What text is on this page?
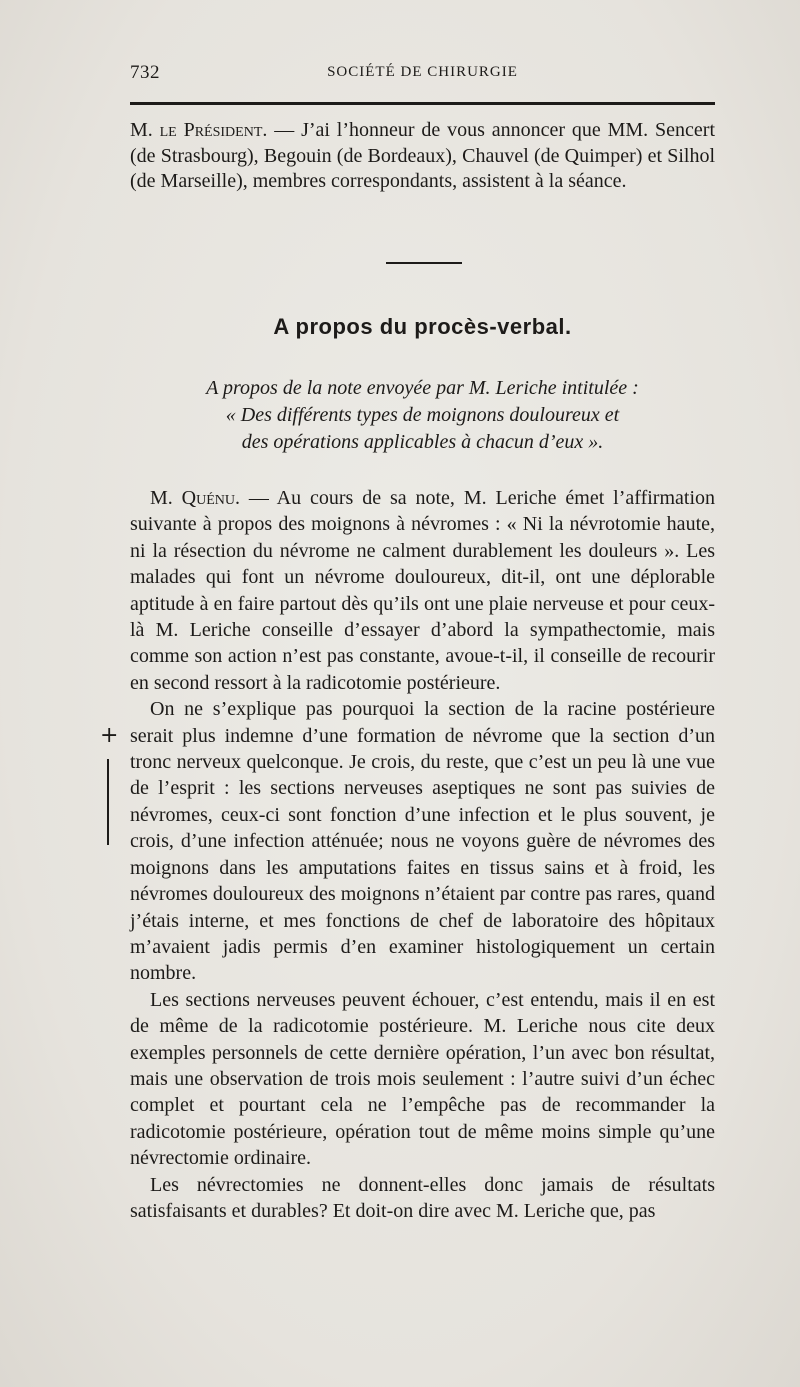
732	SOCIÉTÉ DE CHIRURGIE

M. le Président. — J’ai l’honneur de vous annoncer que MM. Sencert (de Strasbourg), Begouin (de Bordeaux), Chauvel (de Quimper) et Silhol (de Marseille), membres correspondants, assistent à la séance.

A propos du procès-verbal.
A propos de la note envoyée par M. Leriche intitulée :
« Des différents types de moignons douloureux et
des opérations applicables à chacun d’eux ».
+

M. Quénu. — Au cours de sa note, M. Leriche émet l’affirmation suivante à propos des moignons à névromes : « Ni la névrotomie haute, ni la résection du névrome ne calment durablement les douleurs ». Les malades qui font un névrome douloureux, dit-il, ont une déplorable aptitude à en faire partout dès qu’ils ont une plaie nerveuse et pour ceux-là M. Leriche conseille d’essayer d’abord la sympathectomie, mais comme son action n’est pas constante, avoue-t-il, il conseille de recourir en second ressort à la radicotomie postérieure.

On ne s’explique pas pourquoi la section de la racine postérieure serait plus indemne d’une formation de névrome que la section d’un tronc nerveux quelconque. Je crois, du reste, que c’est un peu là une vue de l’esprit : les sections nerveuses aseptiques ne sont pas suivies de névromes, ceux-ci sont fonction d’une infection et le plus souvent, je crois, d’une infection atténuée; nous ne voyons guère de névromes des moignons dans les amputations faites en tissus sains et à froid, les névromes douloureux des moignons n’étaient par contre pas rares, quand j’étais interne, et mes fonctions de chef de laboratoire des hôpitaux m’avaient jadis permis d’en examiner histologiquement un certain nombre.

Les sections nerveuses peuvent échouer, c’est entendu, mais il en est de même de la radicotomie postérieure. M. Leriche nous cite deux exemples personnels de cette dernière opération, l’un avec bon résultat, mais une observation de trois mois seulement : l’autre suivi d’un échec complet et pourtant cela ne l’empêche pas de recommander la radicotomie postérieure, opération tout de même moins simple qu’une névrectomie ordinaire.

Les névrectomies ne donnent-elles donc jamais de résultats satisfaisants et durables? Et doit-on dire avec M. Leriche que, pas
